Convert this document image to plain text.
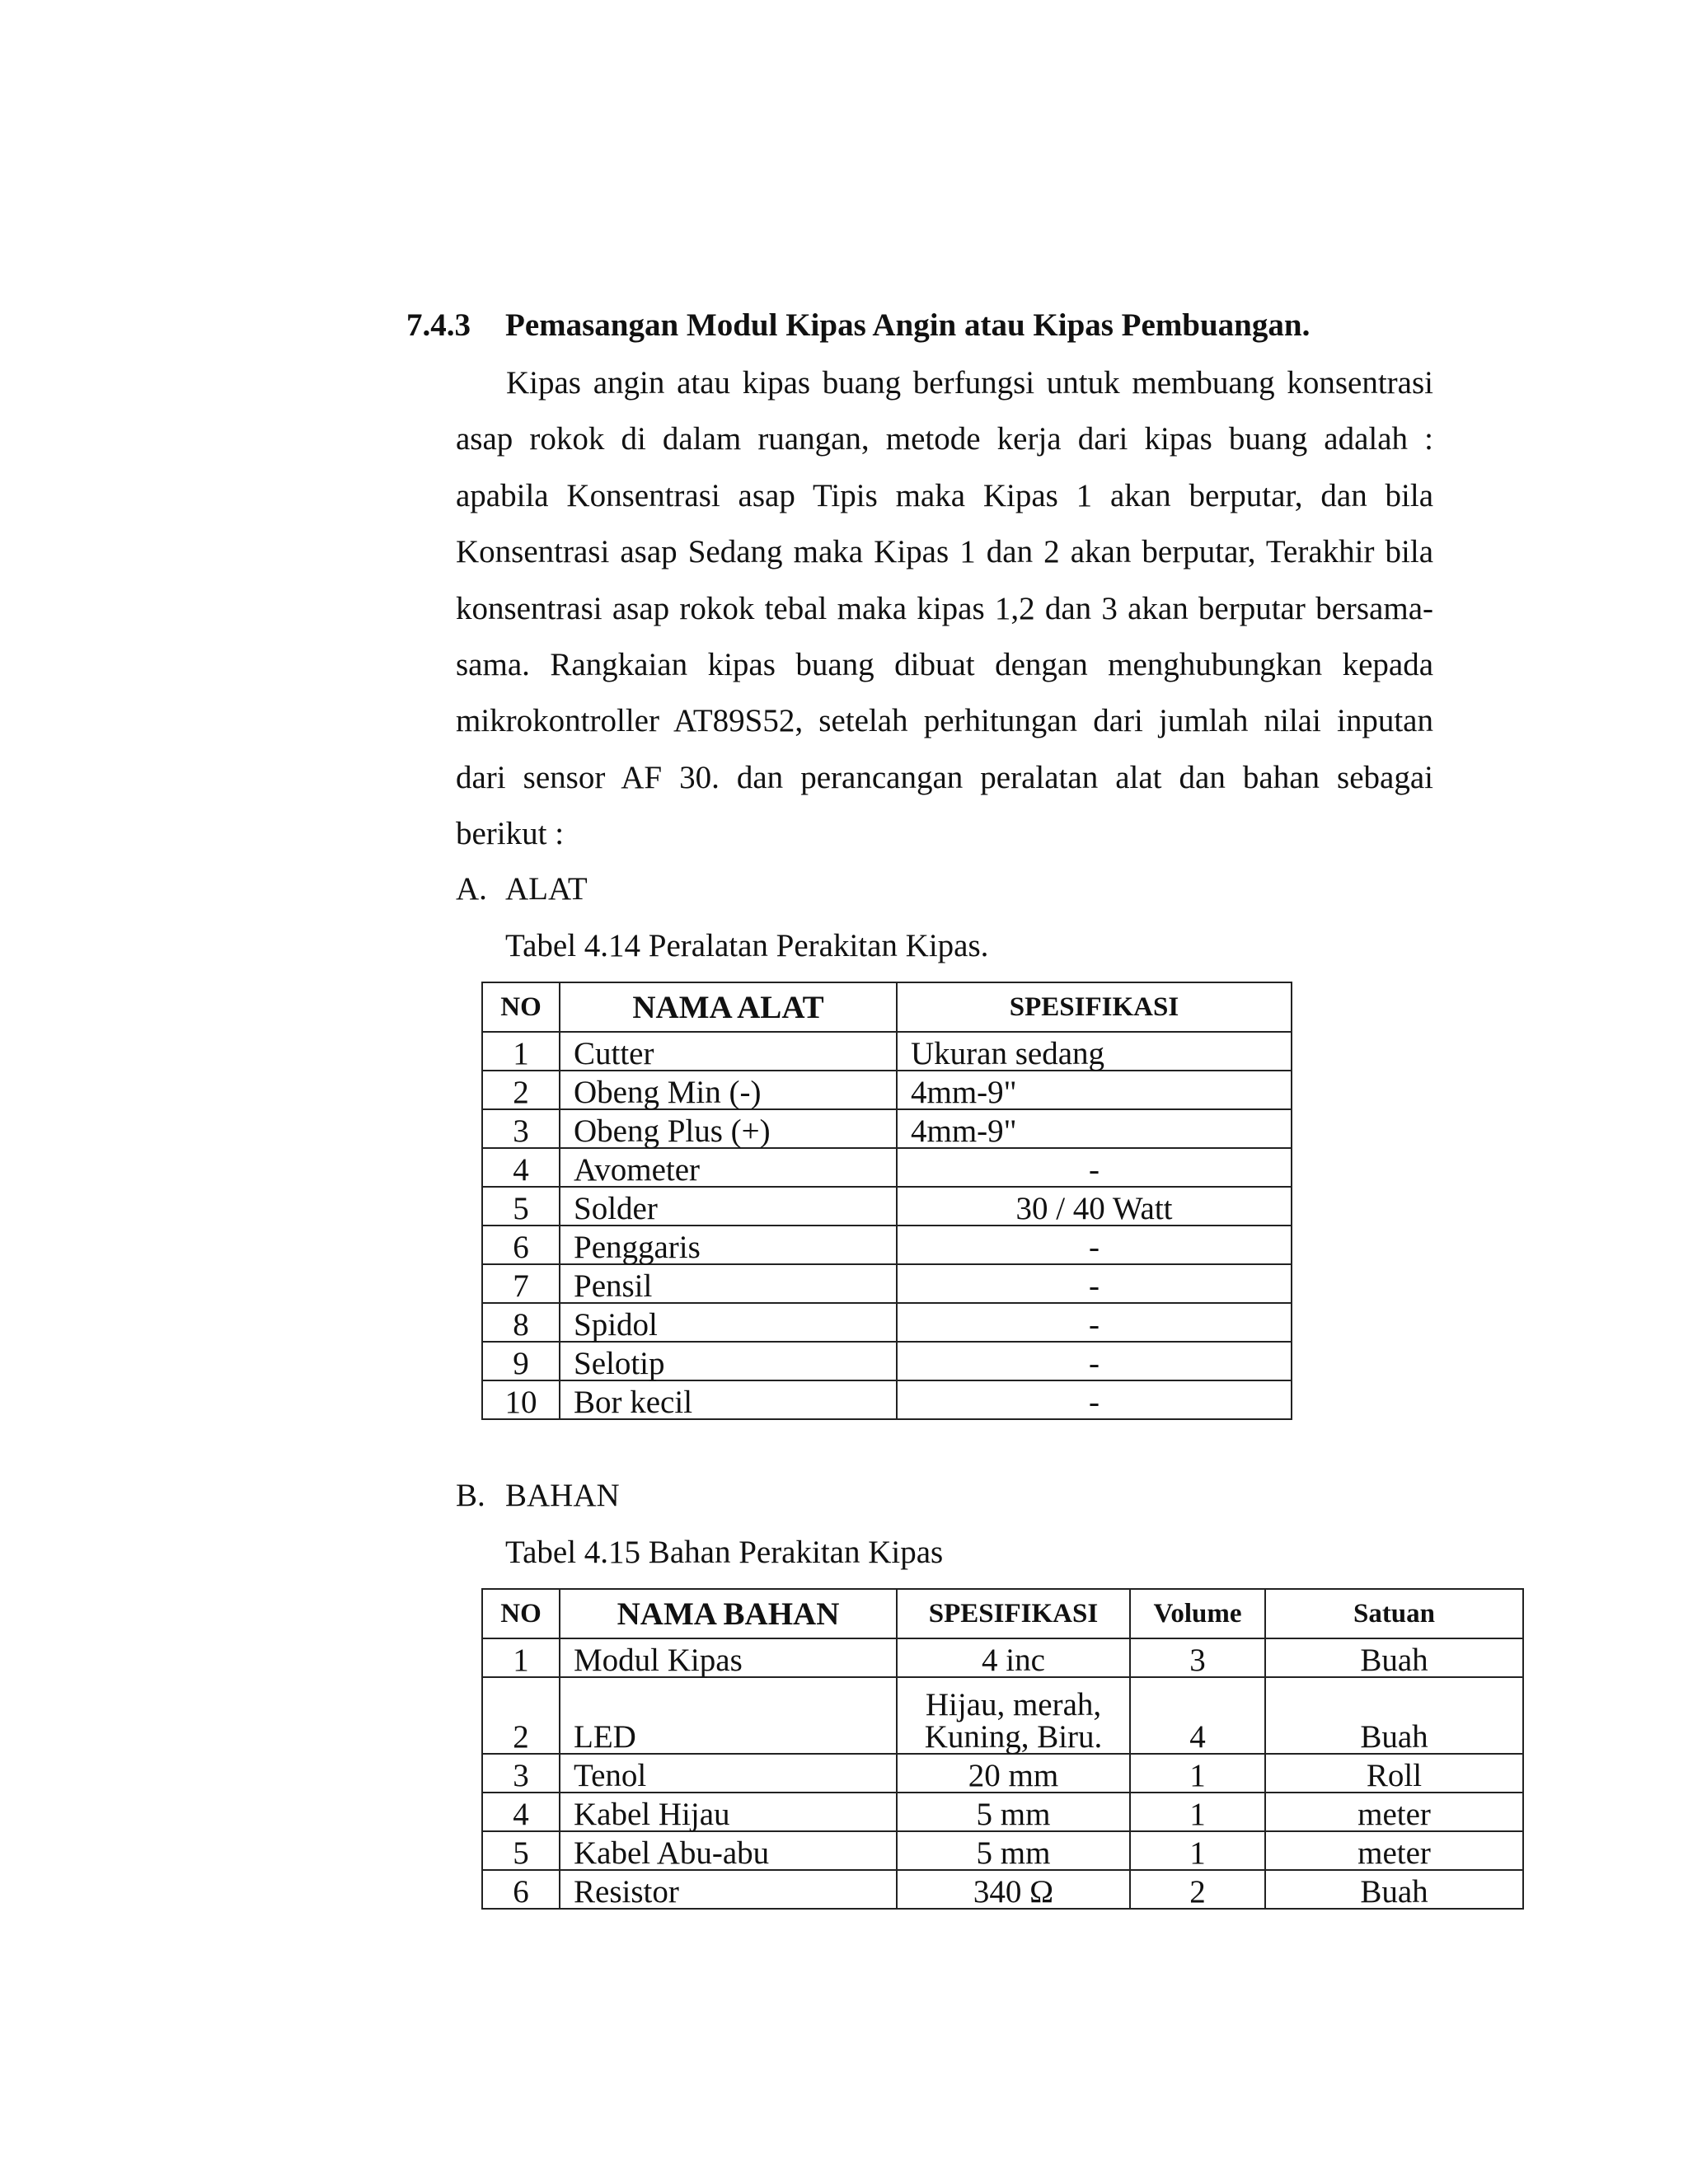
7.4.3 Pemasangan Modul Kipas Angin atau Kipas Pembuangan.
Kipas angin atau kipas buang berfungsi untuk membuang konsentrasi
asap rokok di dalam ruangan, metode kerja dari kipas buang adalah :
apabila Konsentrasi asap Tipis maka Kipas 1 akan berputar, dan bila
Konsentrasi asap Sedang maka Kipas 1 dan 2 akan berputar, Terakhir bila
konsentrasi asap rokok tebal maka kipas 1,2 dan 3 akan berputar bersama-
sama. Rangkaian kipas buang dibuat dengan menghubungkan kepada
mikrokontroller AT89S52, setelah perhitungan dari jumlah nilai inputan
dari sensor AF 30. dan perancangan peralatan alat dan bahan sebagai
berikut :
A. ALAT
Tabel 4.14 Peralatan Perakitan Kipas.
NO	NAMA ALAT	SPESIFIKASI
1	Cutter	Ukuran sedang
2	Obeng Min (-)	4mm-9"
3	Obeng Plus (+)	4mm-9"
4	Avometer	-
5	Solder	30 / 40 Watt
6	Penggaris	-
7	Pensil	-
8	Spidol	-
9	Selotip	-
10	Bor kecil	-
B. BAHAN
Tabel 4.15 Bahan Perakitan Kipas
NO	NAMA BAHAN	SPESIFIKASI	Volume	Satuan
1	Modul Kipas	4 inc	3	Buah
2	LED	Hijau, merah, Kuning, Biru.	4	Buah
3	Tenol	20 mm	1	Roll
4	Kabel Hijau	5 mm	1	meter
5	Kabel Abu-abu	5 mm	1	meter
6	Resistor	340 Ω	2	Buah
